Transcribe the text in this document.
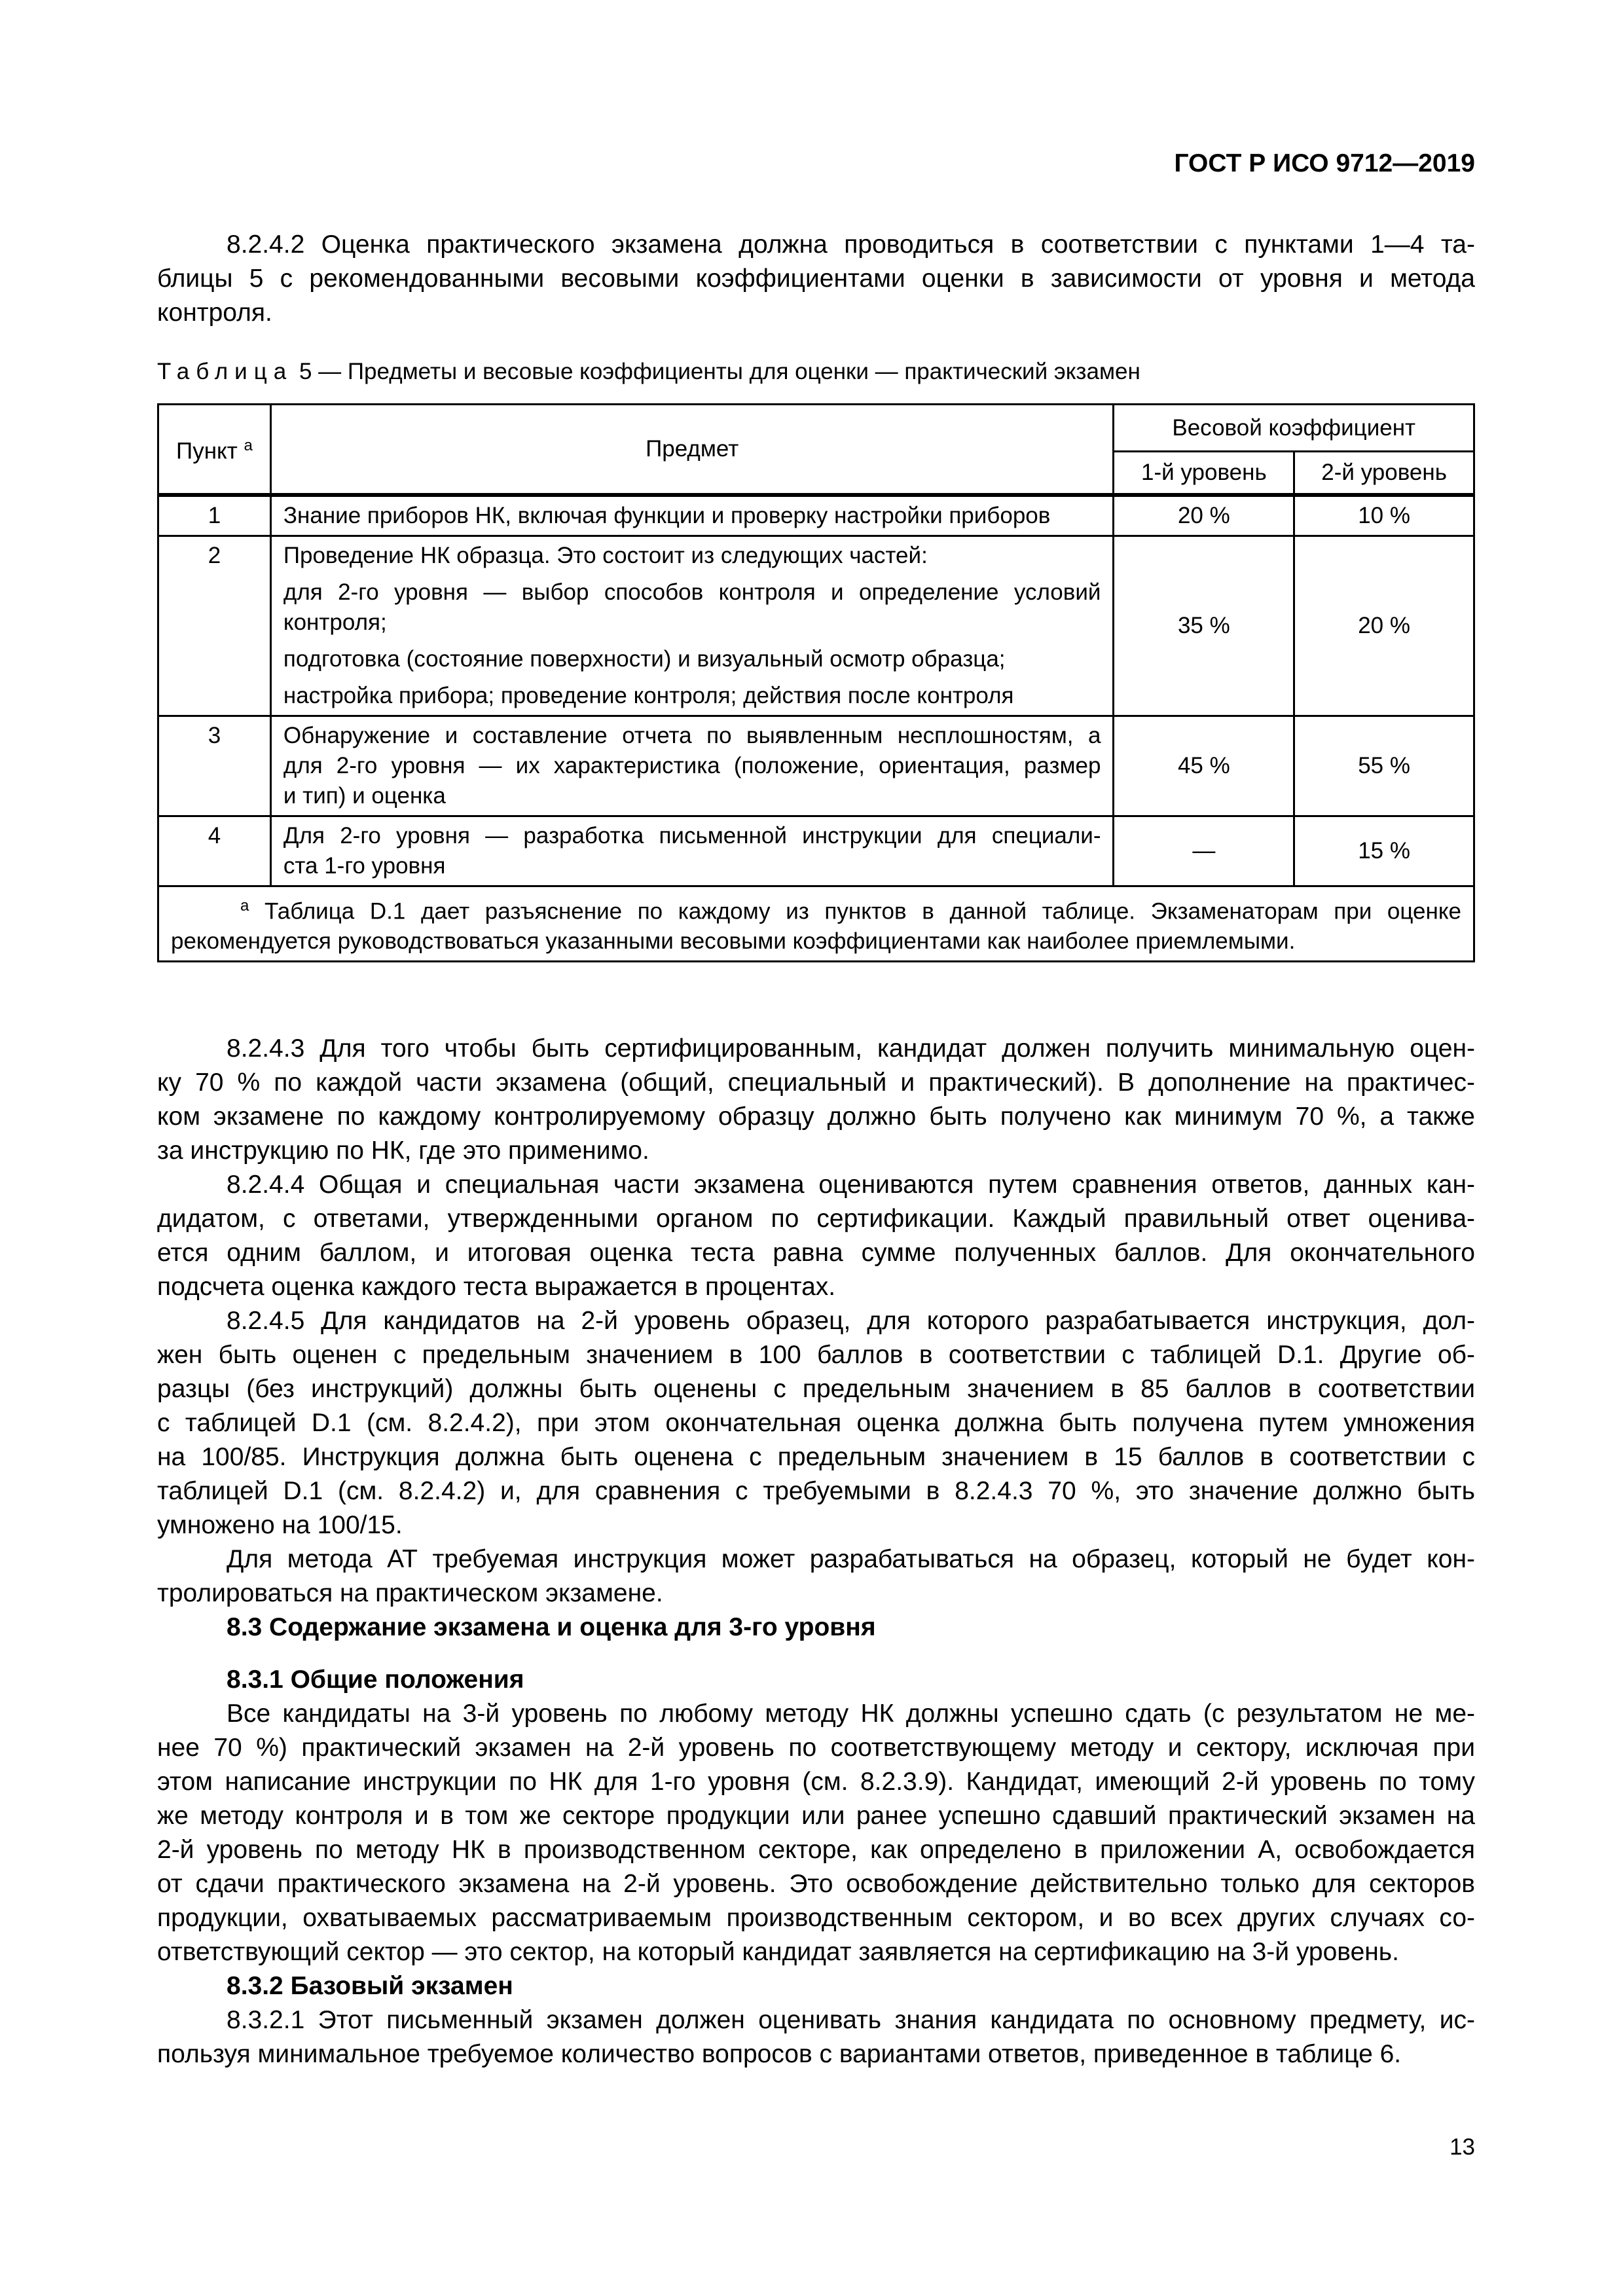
ГОСТ Р ИСО 9712—2019
8.2.4.2 Оценка практического экзамена должна проводиться в соответствии с пунктами 1—4 та-
блицы 5 с рекомендованными весовыми коэффициентами оценки в зависимости от уровня и метода
контроля.
Таблица 5 — Предметы и весовые коэффициенты для оценки — практический экзамен
Пункт $^a$	Предмет	Весовой коэффициент	
		1-й уровень	2-й уровень
1	Знание приборов НК, включая функции и проверку настройки приборов	20 %	10 %
2	Проведение НК образца. Это состоит из следующих частей:
для 2-го уровня — выбор способов контроля и определение условий
контроля;
подготовка (состояние поверхности) и визуальный осмотр образца;
настройка прибора; проведение контроля; действия после контроля	35 %	20 %
3	Обнаружение и составление отчета по выявленным несплошностям, а
для 2-го уровня — их характеристика (положение, ориентация, размер
и тип) и оценка	45 %	55 %
4	Для 2-го уровня — разработка письменной инструкции для специали-
ста 1-го уровня	—	15 %

$^a$ Таблица D.1 дает разъяснение по каждому из пунктов в данной таблице. Экзаменаторам при оценке
рекомендуется руководствоваться указанными весовыми коэффициентами как наиболее приемлемыми.			
8.2.4.3 Для того чтобы быть сертифицированным, кандидат должен получить минимальную оцен-
ку 70 % по каждой части экзамена (общий, специальный и практический). В дополнение на практичес-
ком экзамене по каждому контролируемому образцу должно быть получено как минимум 70 %, а также
за инструкцию по НК, где это применимо.
8.2.4.4 Общая и специальная части экзамена оцениваются путем сравнения ответов, данных кан-
дидатом, с ответами, утвержденными органом по сертификации. Каждый правильный ответ оценива-
ется одним баллом, и итоговая оценка теста равна сумме полученных баллов. Для окончательного
подсчета оценка каждого теста выражается в процентах.
8.2.4.5 Для кандидатов на 2-й уровень образец, для которого разрабатывается инструкция, дол-
жен быть оценен с предельным значением в 100 баллов в соответствии с таблицей D.1. Другие об-
разцы (без инструкций) должны быть оценены с предельным значением в 85 баллов в соответствии
с таблицей D.1 (см. 8.2.4.2), при этом окончательная оценка должна быть получена путем умножения
на 100/85. Инструкция должна быть оценена с предельным значением в 15 баллов в соответствии с
таблицей D.1 (см. 8.2.4.2) и, для сравнения с требуемыми в 8.2.4.3 70 %, это значение должно быть
умножено на 100/15.
Для метода АТ требуемая инструкция может разрабатываться на образец, который не будет кон-
тролироваться на практическом экзамене.
8.3 Содержание экзамена и оценка для 3-го уровня
8.3.1 Общие положения
Все кандидаты на 3-й уровень по любому методу НК должны успешно сдать (с результатом не ме-
нее 70 %) практический экзамен на 2-й уровень по соответствующему методу и сектору, исключая при
этом написание инструкции по НК для 1-го уровня (см. 8.2.3.9). Кандидат, имеющий 2-й уровень по тому
же методу контроля и в том же секторе продукции или ранее успешно сдавший практический экзамен на
2-й уровень по методу НК в производственном секторе, как определено в приложении А, освобождается
от сдачи практического экзамена на 2-й уровень. Это освобождение действительно только для секторов
продукции, охватываемых рассматриваемым производственным сектором, и во всех других случаях со-
ответствующий сектор — это сектор, на который кандидат заявляется на сертификацию на 3-й уровень.
8.3.2 Базовый экзамен
8.3.2.1 Этот письменный экзамен должен оценивать знания кандидата по основному предмету, ис-
пользуя минимальное требуемое количество вопросов с вариантами ответов, приведенное в таблице 6.
13
